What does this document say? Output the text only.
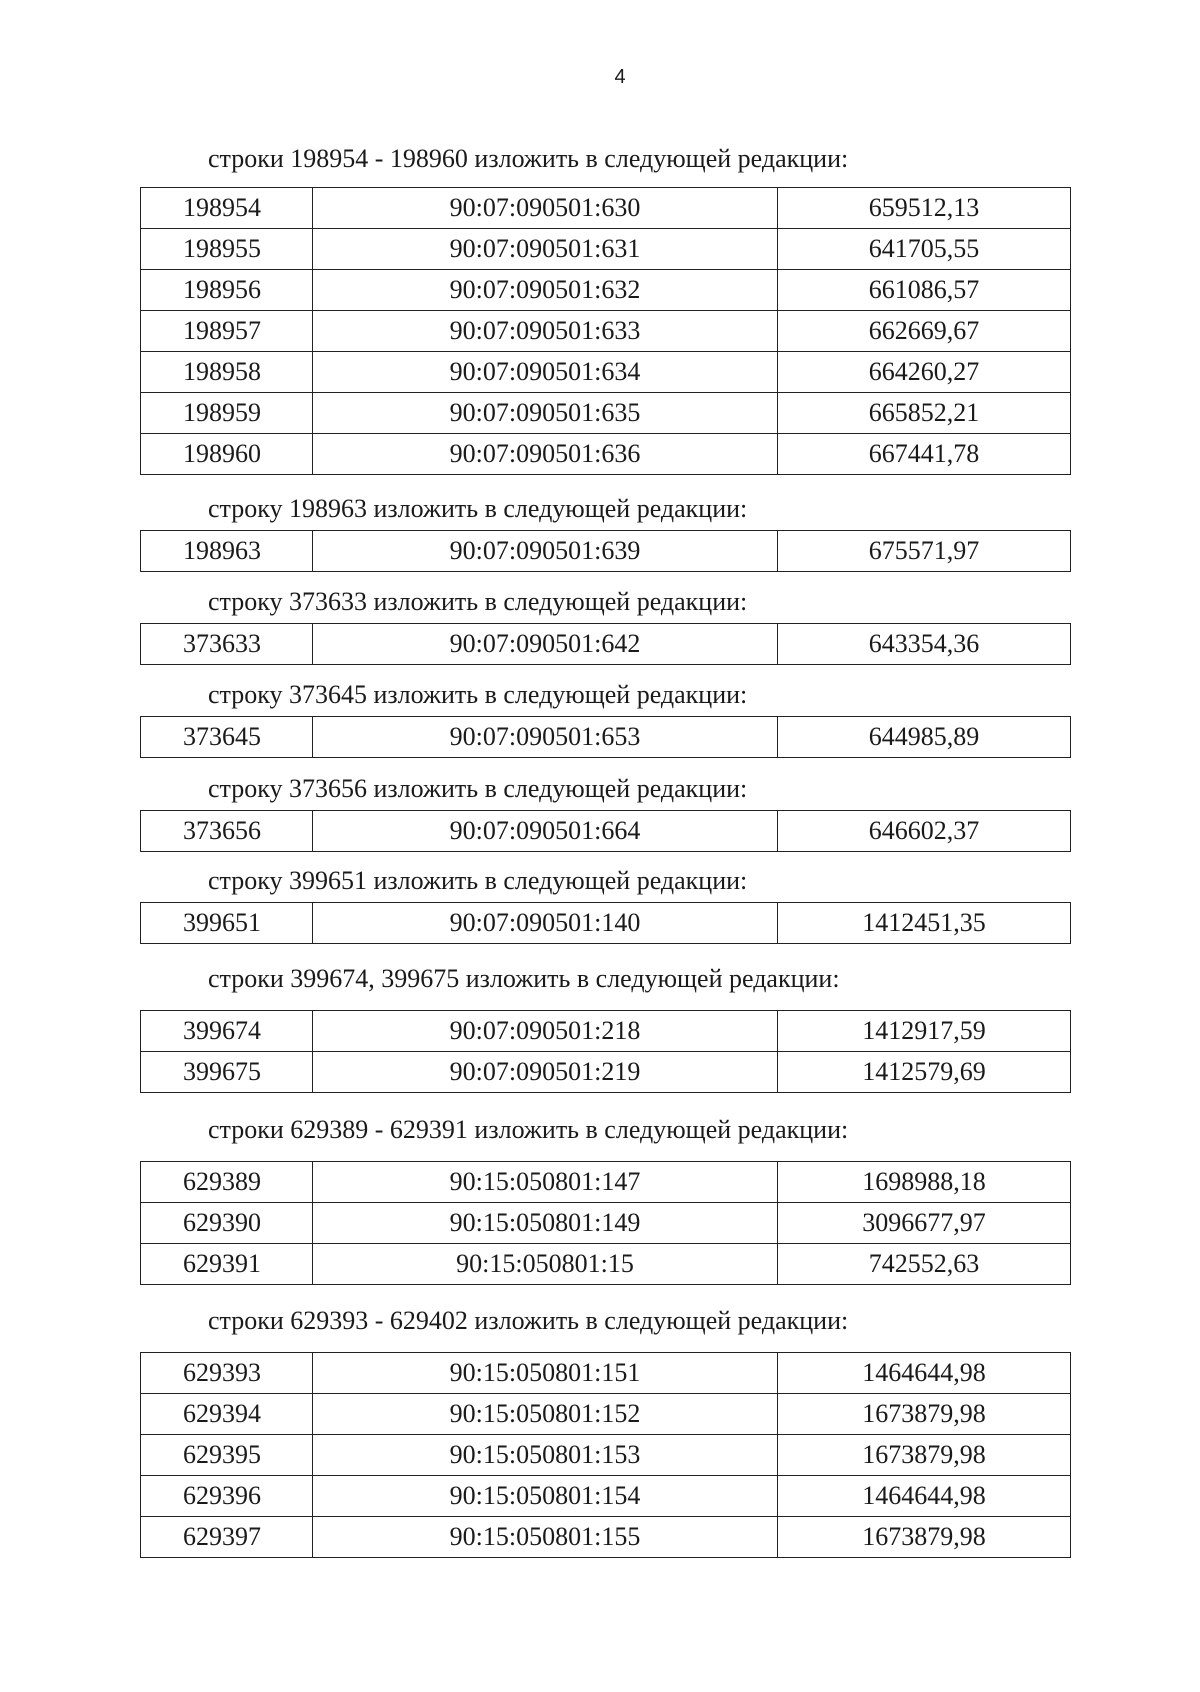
4
строки 198954 - 198960 изложить в следующей редакции:
198954	90:07:090501:630	659512,13
198955	90:07:090501:631	641705,55
198956	90:07:090501:632	661086,57
198957	90:07:090501:633	662669,67
198958	90:07:090501:634	664260,27
198959	90:07:090501:635	665852,21
198960	90:07:090501:636	667441,78
строку 198963 изложить в следующей редакции:
198963	90:07:090501:639	675571,97
строку 373633 изложить в следующей редакции:
373633	90:07:090501:642	643354,36
строку 373645 изложить в следующей редакции:
373645	90:07:090501:653	644985,89
строку 373656 изложить в следующей редакции:
373656	90:07:090501:664	646602,37
строку 399651 изложить в следующей редакции:
399651	90:07:090501:140	1412451,35
строки 399674, 399675 изложить в следующей редакции:
399674	90:07:090501:218	1412917,59
399675	90:07:090501:219	1412579,69
строки 629389 - 629391 изложить в следующей редакции:
629389	90:15:050801:147	1698988,18
629390	90:15:050801:149	3096677,97
629391	90:15:050801:15	742552,63
строки 629393 - 629402 изложить в следующей редакции:
629393	90:15:050801:151	1464644,98
629394	90:15:050801:152	1673879,98
629395	90:15:050801:153	1673879,98
629396	90:15:050801:154	1464644,98
629397	90:15:050801:155	1673879,98
